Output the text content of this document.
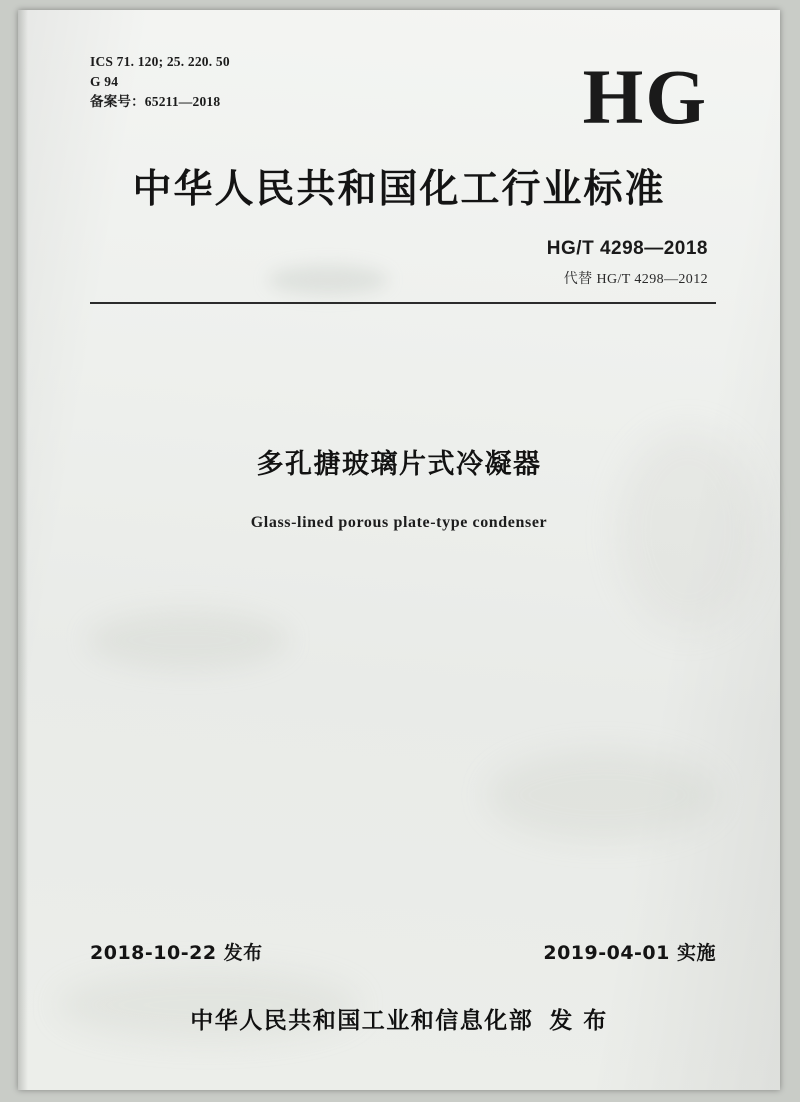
ICS 71. 120; 25. 220. 50
G 94
备案号：65211—2018	HG
中华人民共和国化工行业标准
HG/T 4298—2018
代替 HG/T 4298—2012
多孔搪玻璃片式冷凝器
Glass-lined porous plate-type condenser
2018-10-22 发布	2019-04-01 实施
中华人民共和国工业和信息化部 发 布
